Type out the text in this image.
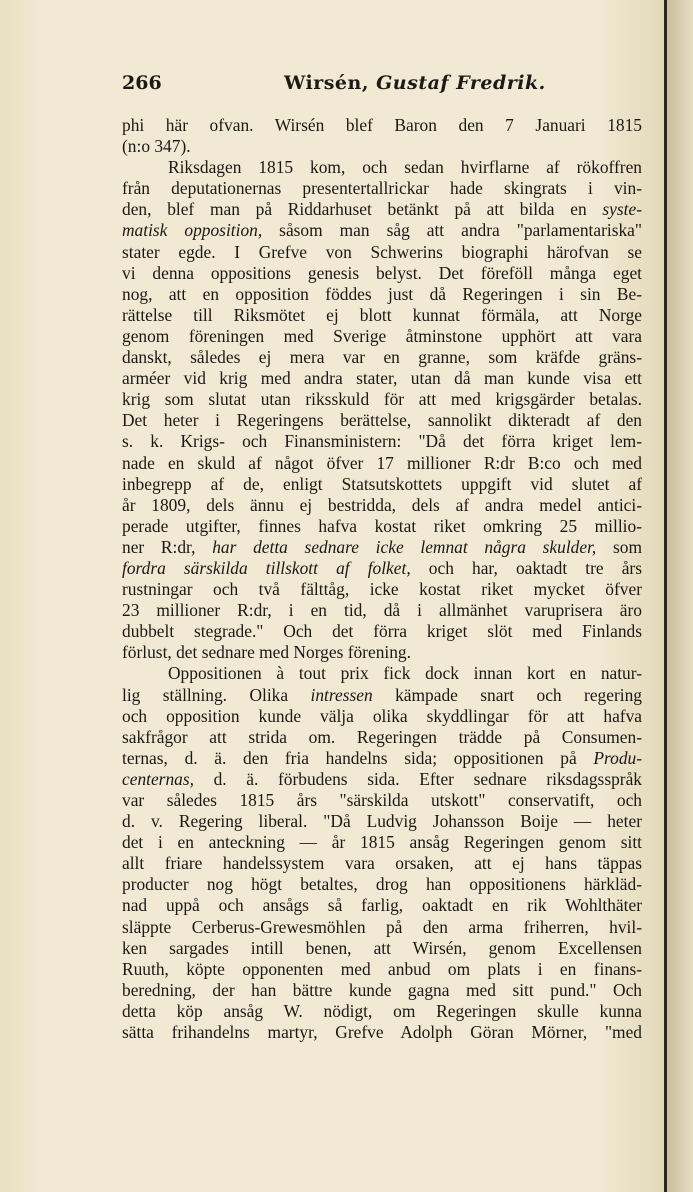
266	Wirsén, Gustaf Fredrik.
phi här ofvan. Wirsén blef Baron den 7 Januari 1815
(n:o 347).
Riksdagen 1815 kom, och sedan hvirflarne af rökoffren
från deputationernas presentertallrickar hade skingrats i vin-
den, blef man på Riddarhuset betänkt på att bilda en syste-
matisk opposition, såsom man såg att andra "parlamentariska"
stater egde. I Grefve von Schwerins biographi härofvan se
vi denna oppositions genesis belyst. Det föreföll många eget
nog, att en opposition föddes just då Regeringen i sin Be-
rättelse till Riksmötet ej blott kunnat förmäla, att Norge
genom föreningen med Sverige åtminstone upphört att vara
danskt, således ej mera var en granne, som kräfde gräns-
arméer vid krig med andra stater, utan då man kunde visa ett
krig som slutat utan riksskuld för att med krigsgärder betalas.
Det heter i Regeringens berättelse, sannolikt dikteradt af den
s. k. Krigs- och Finansministern: "Då det förra kriget lem-
nade en skuld af något öfver 17 millioner R:dr B:co och med
inbegrepp af de, enligt Statsutskottets uppgift vid slutet af
år 1809, dels ännu ej bestridda, dels af andra medel antici-
perade utgifter, finnes hafva kostat riket omkring 25 millio-
ner R:dr, har detta sednare icke lemnat några skulder, som
fordra särskilda tillskott af folket, och har, oaktadt tre års
rustningar och två fälttåg, icke kostat riket mycket öfver
23 millioner R:dr, i en tid, då i allmänhet varuprisera äro
dubbelt stegrade." Och det förra kriget slöt med Finlands
förlust, det sednare med Norges förening.
Oppositionen à tout prix fick dock innan kort en natur-
lig ställning. Olika intressen kämpade snart och regering
och opposition kunde välja olika skyddlingar för att hafva
sakfrågor att strida om. Regeringen trädde på Consumen-
ternas, d. ä. den fria handelns sida; oppositionen på Produ-
centernas, d. ä. förbudens sida. Efter sednare riksdagsspråk
var således 1815 års "särskilda utskott" conservatift, och
d. v. Regering liberal. "Då Ludvig Johansson Boije — heter
det i en anteckning — år 1815 ansåg Regeringen genom sitt
allt friare handelssystem vara orsaken, att ej hans täppas
producter nog högt betaltes, drog han oppositionens härkläd-
nad uppå och ansågs så farlig, oaktadt en rik Wohlthäter
släppte Cerberus-Grewesmöhlen på den arma friherren, hvil-
ken sargades intill benen, att Wirsén, genom Excellensen
Ruuth, köpte opponenten med anbud om plats i en finans-
beredning, der han bättre kunde gagna med sitt pund." Och
detta köp ansåg W. nödigt, om Regeringen skulle kunna
sätta frihandelns martyr, Grefve Adolph Göran Mörner, "med
